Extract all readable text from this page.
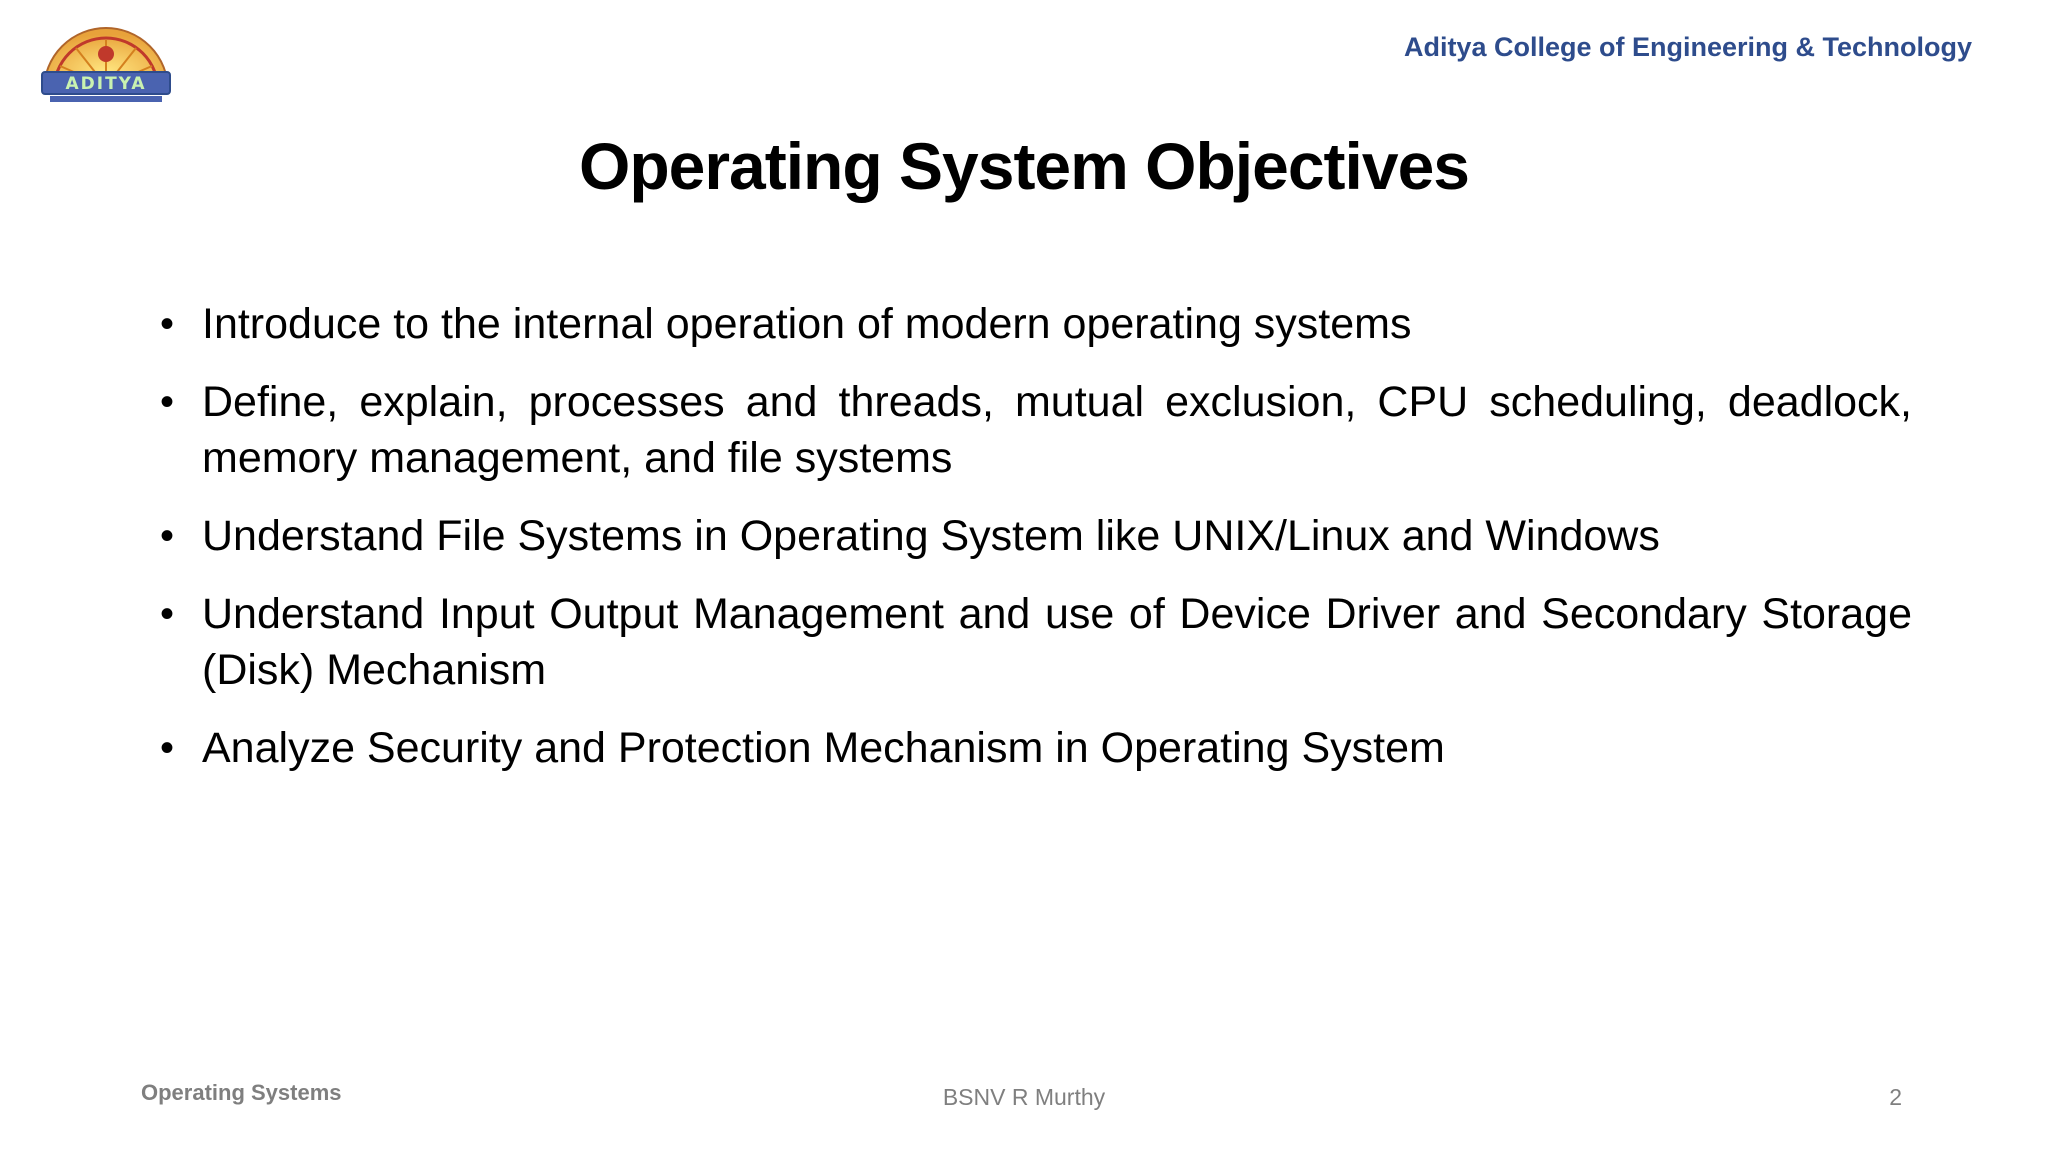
ADITYA
Aditya College of Engineering & Technology
Operating System Objectives
• Introduce to the internal operation of modern operating systems
• Define, explain, processes and threads, mutual exclusion, CPU scheduling, deadlock, memory management, and file systems
• Understand File Systems in Operating System like UNIX/Linux and Windows
• Understand Input Output Management and use of Device Driver and Secondary Storage (Disk) Mechanism
• Analyze Security and Protection Mechanism in Operating System
Operating Systems	BSNV R Murthy	2
